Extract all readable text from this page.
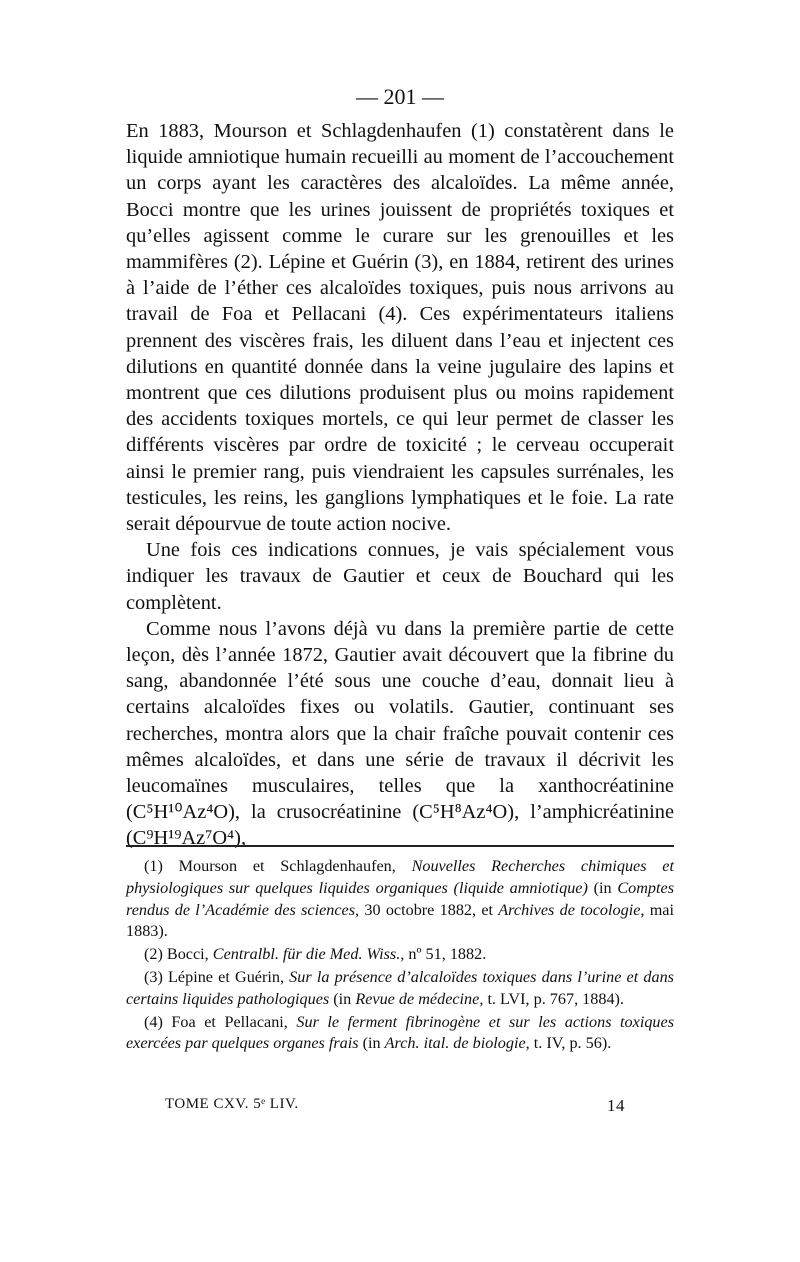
— 201 —

En 1883, Mourson et Schlagdenhaufen (1) constatèrent dans le liquide amniotique humain recueilli au moment de l’accouchement un corps ayant les caractères des alcaloïdes. La même année, Bocci montre que les urines jouissent de propriétés toxiques et qu’elles agissent comme le curare sur les grenouilles et les mammifères (2). Lépine et Guérin (3), en 1884, retirent des urines à l’aide de l’éther ces alcaloïdes toxiques, puis nous arrivons au travail de Foa et Pellacani (4). Ces expérimentateurs italiens prennent des viscères frais, les diluent dans l’eau et injectent ces dilutions en quantité donnée dans la veine jugulaire des lapins et montrent que ces dilutions produisent plus ou moins rapidement des accidents toxiques mortels, ce qui leur permet de classer les différents viscères par ordre de toxicité ; le cerveau occuperait ainsi le premier rang, puis viendraient les capsules surrénales, les testicules, les reins, les ganglions lymphatiques et le foie. La rate serait dépourvue de toute action nocive.

Une fois ces indications connues, je vais spécialement vous indiquer les travaux de Gautier et ceux de Bouchard qui les complètent.

Comme nous l’avons déjà vu dans la première partie de cette leçon, dès l’année 1872, Gautier avait découvert que la fibrine du sang, abandonnée l’été sous une couche d’eau, donnait lieu à certains alcaloïdes fixes ou volatils. Gautier, continuant ses recherches, montra alors que la chair fraîche pouvait contenir ces mêmes alcaloïdes, et dans une série de travaux il décrivit les leucomaïnes musculaires, telles que la xanthocréatinine (C⁵H¹⁰Az⁴O), la crusocréatinine (C⁵H⁸Az⁴O), l’amphicréatinine (C⁹H¹⁹Az⁷O⁴),

(1) Mourson et Schlagdenhaufen, Nouvelles Recherches chimiques et physiologiques sur quelques liquides organiques (liquide amniotique) (in Comptes rendus de l’Académie des sciences, 30 octobre 1882, et Archives de tocologie, mai 1883).

(2) Bocci, Centralbl. für die Med. Wiss., nº 51, 1882.

(3) Lépine et Guérin, Sur la présence d’alcaloïdes toxiques dans l’urine et dans certains liquides pathologiques (in Revue de médecine, t. LVI, p. 767, 1884).

(4) Foa et Pellacani, Sur le ferment fibrinogène et sur les actions toxiques exercées par quelques organes frais (in Arch. ital. de biologie, t. IV, p. 56).

TOME CXV. 5ᵉ LIV.	14
